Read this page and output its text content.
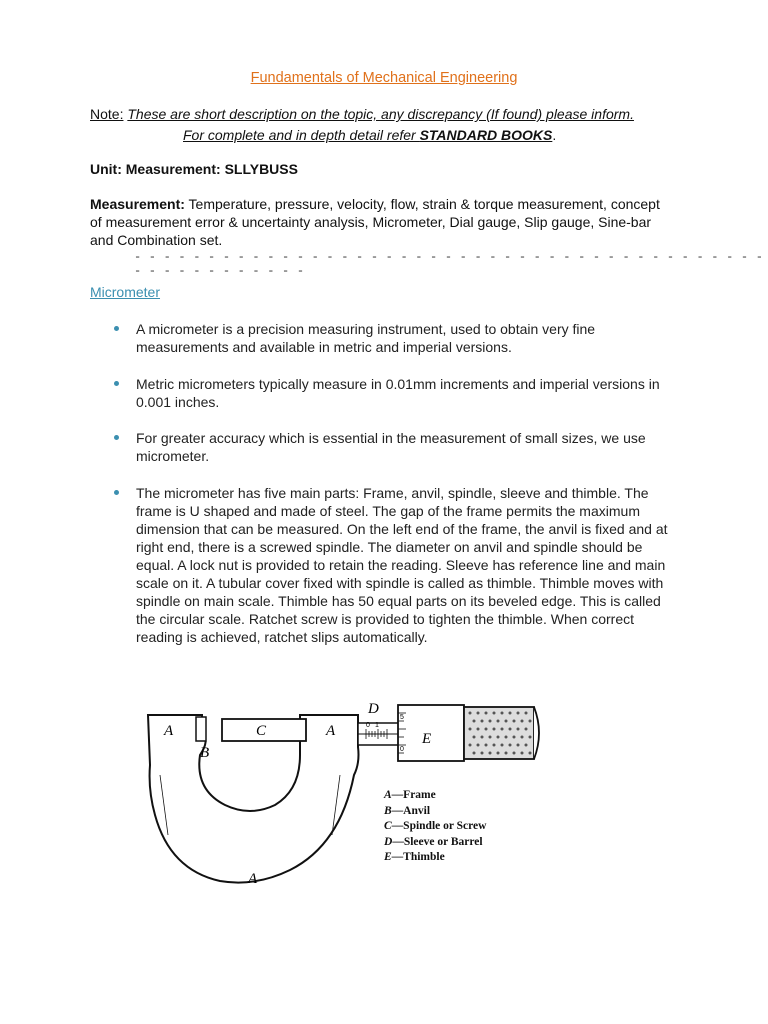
Fundamentals of Mechanical Engineering
Note: These are short description on the topic, any discrepancy (If found) please inform.
For complete and in depth detail refer STANDARD BOOKS.
Unit: Measurement: SLLYBUSS
Measurement: Temperature, pressure, velocity, flow, strain & torque measurement, concept of measurement error & uncertainty analysis, Micrometer, Dial gauge, Slip gauge, Sine-bar and Combination set.
- - - - - - - - - - - - - - - - - - - - - - - - - - - - - - - - - - - - - - - - - - - - - - - - - - - - - - -
Micrometer
A micrometer is a precision measuring instrument, used to obtain very fine measurements and available in metric and imperial versions.
Metric micrometers typically measure in 0.01mm increments and imperial versions in 0.001 inches.
For greater accuracy which is essential in the measurement of small sizes, we use micrometer.
The micrometer has five main parts: Frame, anvil, spindle, sleeve and thimble. The frame is U shaped and made of steel. The gap of the frame permits the maximum dimension that can be measured. On the left end of the frame, the anvil is fixed and at right end, there is a screwed spindle. The diameter on anvil and spindle should be equal. A lock nut is provided to retain the reading. Sleeve has reference line and main scale on it. A tubular cover fixed with spindle is called as thimble. Thimble moves with spindle on main scale. Thimble has 50 equal parts on its beveled edge. This is called the circular scale. Ratchet screw is provided to tighten the thimble. When correct reading is achieved, ratchet slips automatically.
A
B
C	A
D
E
A
0 1
5
0
A—Frame
B—Anvil
C—Spindle or Screw
D—Sleeve or Barrel
E—Thimble
